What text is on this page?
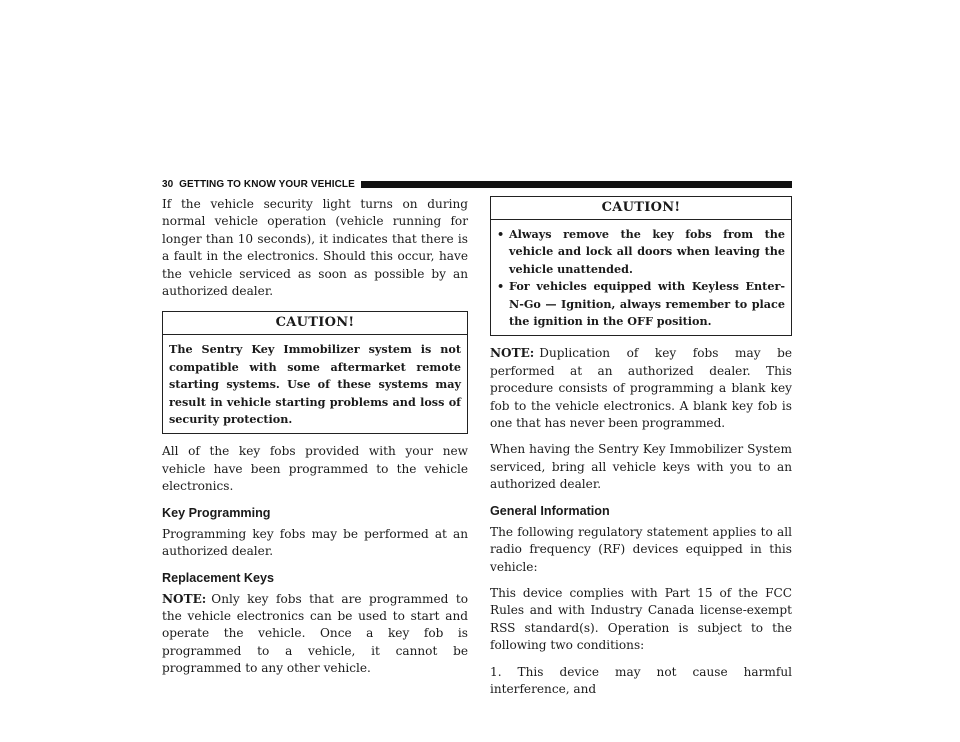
30 GETTING TO KNOW YOUR VEHICLE

If the vehicle security light turns on during normal vehicle operation (vehicle running for longer than 10 seconds), it indicates that there is a fault in the electronics. Should this occur, have the vehicle serviced as soon as possible by an authorized dealer.

CAUTION!
The Sentry Key Immobilizer system is not compatible with some aftermarket remote starting systems. Use of these systems may result in vehicle starting problems and loss of security protection.

All of the key fobs provided with your new vehicle have been programmed to the vehicle electronics.

Key Programming

Programming key fobs may be performed at an authorized dealer.

Replacement Keys

NOTE: Only key fobs that are programmed to the vehicle electronics can be used to start and operate the vehicle. Once a key fob is programmed to a vehicle, it cannot be programmed to any other vehicle.

CAUTION!
• Always remove the key fobs from the vehicle and lock all doors when leaving the vehicle unattended.
• For vehicles equipped with Keyless Enter-N-Go — Ignition, always remember to place the ignition in the OFF position.

NOTE: Duplication of key fobs may be performed at an authorized dealer. This procedure consists of programming a blank key fob to the vehicle electronics. A blank key fob is one that has never been programmed.

When having the Sentry Key Immobilizer System serviced, bring all vehicle keys with you to an authorized dealer.

General Information

The following regulatory statement applies to all radio frequency (RF) devices equipped in this vehicle:

This device complies with Part 15 of the FCC Rules and with Industry Canada license-exempt RSS standard(s). Operation is subject to the following two conditions:

1. This device may not cause harmful interference, and
